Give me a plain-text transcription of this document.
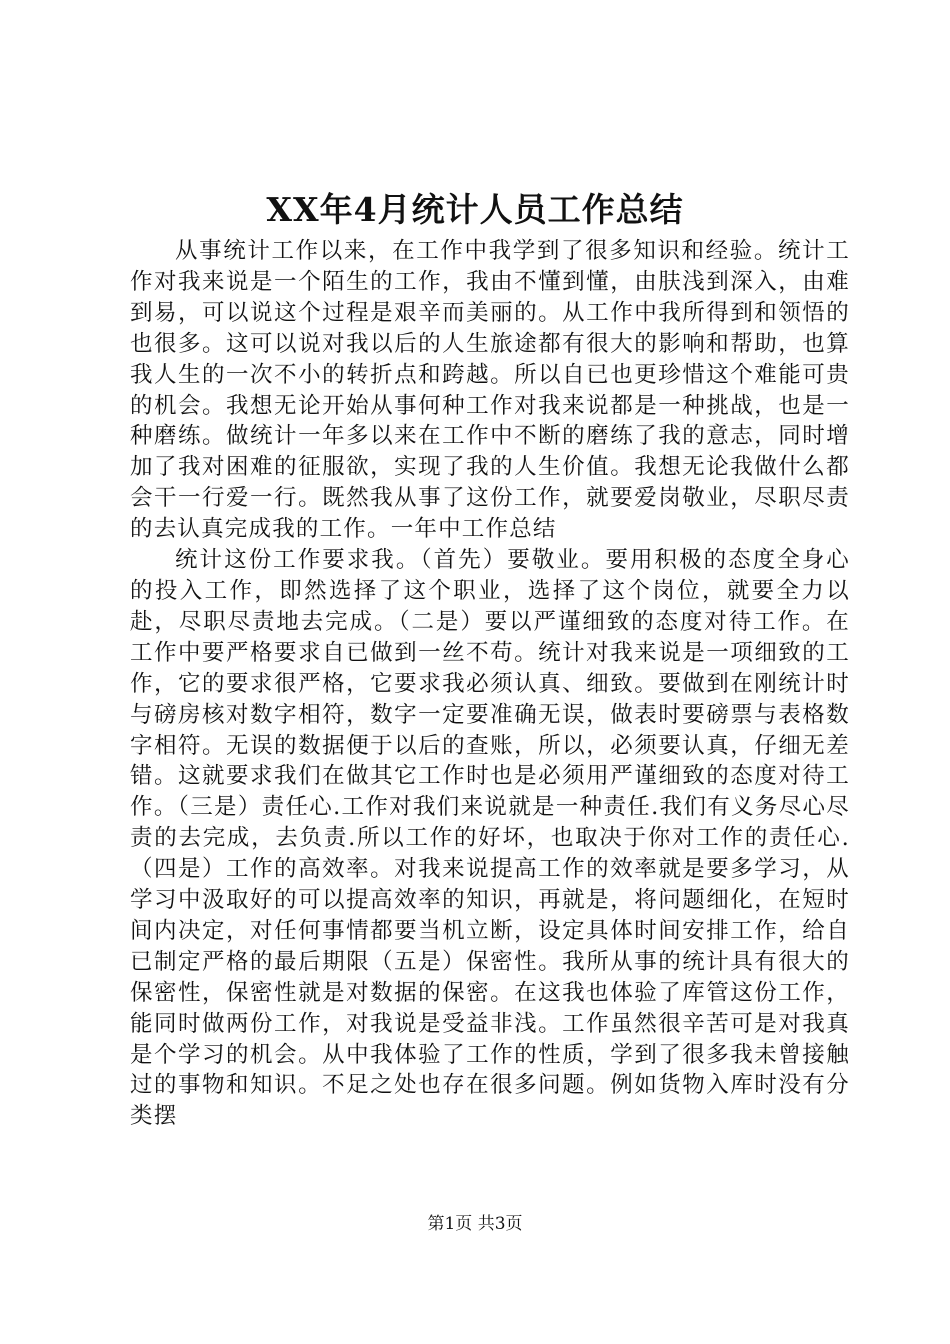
XX年4月统计人员工作总结

从事统计工作以来，在工作中我学到了很多知识和经验。统计工作对我来说是一个陌生的工作，我由不懂到懂，由肤浅到深入，由难到易，可以说这个过程是艰辛而美丽的。从工作中我所得到和领悟的也很多。这可以说对我以后的人生旅途都有很大的影响和帮助，也算我人生的一次不小的转折点和跨越。所以自已也更珍惜这个难能可贵的机会。我想无论开始从事何种工作对我来说都是一种挑战，也是一种磨练。做统计一年多以来在工作中不断的磨练了我的意志，同时增加了我对困难的征服欲，实现了我的人生价值。我想无论我做什么都会干一行爱一行。既然我从事了这份工作，就要爱岗敬业，尽职尽责的去认真完成我的工作。一年中工作总结

统计这份工作要求我。（首先）要敬业。要用积极的态度全身心的投入工作，即然选择了这个职业，选择了这个岗位，就要全力以赴，尽职尽责地去完成。（二是）要以严谨细致的态度对待工作。在工作中要严格要求自已做到一丝不苟。统计对我来说是一项细致的工作，它的要求很严格，它要求我必须认真、细致。要做到在刚统计时与磅房核对数字相符，数字一定要准确无误，做表时要磅票与表格数字相符。无误的数据便于以后的查账，所以，必须要认真，仔细无差错。这就要求我们在做其它工作时也是必须用严谨细致的态度对待工作。（三是）责任心.工作对我们来说就是一种责任.我们有义务尽心尽责的去完成，去负责.所以工作的好坏，也取决于你对工作的责任心.（四是）工作的高效率。对我来说提高工作的效率就是要多学习，从学习中汲取好的可以提高效率的知识，再就是，将问题细化，在短时间内决定，对任何事情都要当机立断，设定具体时间安排工作，给自已制定严格的最后期限（五是）保密性。我所从事的统计具有很大的保密性，保密性就是对数据的保密。在这我也体验了库管这份工作，能同时做两份工作，对我说是受益非浅。工作虽然很辛苦可是对我真是个学习的机会。从中我体验了工作的性质，学到了很多我未曾接触过的事物和知识。不足之处也存在很多问题。例如货物入库时没有分类摆

第1页 共3页
